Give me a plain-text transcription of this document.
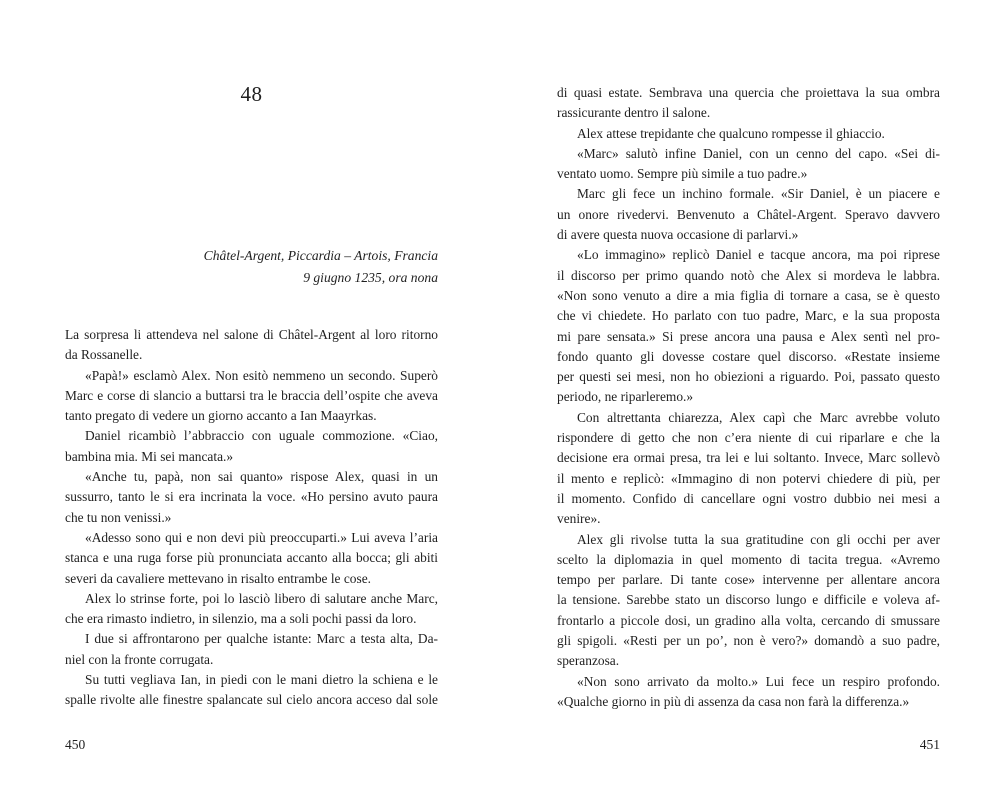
48
Châtel-Argent, Piccardia – Artois, Francia
9 giugno 1235, ora nona
La sorpresa li attendeva nel salone di Châtel-Argent al loro ritorno
da Rossanelle.
«Papà!» esclamò Alex. Non esitò nemmeno un secondo. Superò
Marc e corse di slancio a buttarsi tra le braccia dell’ospite che aveva
tanto pregato di vedere un giorno accanto a Ian Maayrkas.
Daniel ricambiò l’abbraccio con uguale commozione. «Ciao,
bambina mia. Mi sei mancata.»
«Anche tu, papà, non sai quanto» rispose Alex, quasi in un
sussurro, tanto le si era incrinata la voce. «Ho persino avuto paura
che tu non venissi.»
«Adesso sono qui e non devi più preoccuparti.» Lui aveva l’aria
stanca e una ruga forse più pronunciata accanto alla bocca; gli abiti
severi da cavaliere mettevano in risalto entrambe le cose.
Alex lo strinse forte, poi lo lasciò libero di salutare anche Marc,
che era rimasto indietro, in silenzio, ma a soli pochi passi da loro.
I due si affrontarono per qualche istante: Marc a testa alta, Da-
niel con la fronte corrugata.
Su tutti vegliava Ian, in piedi con le mani dietro la schiena e le
spalle rivolte alle finestre spalancate sul cielo ancora acceso dal sole
450
di quasi estate. Sembrava una quercia che proiettava la sua ombra
rassicurante dentro il salone.
Alex attese trepidante che qualcuno rompesse il ghiaccio.
«Marc» salutò infine Daniel, con un cenno del capo. «Sei di-
ventato uomo. Sempre più simile a tuo padre.»
Marc gli fece un inchino formale. «Sir Daniel, è un piacere e
un onore rivedervi. Benvenuto a Châtel-Argent. Speravo davvero
di avere questa nuova occasione di parlarvi.»
«Lo immagino» replicò Daniel e tacque ancora, ma poi riprese
il discorso per primo quando notò che Alex si mordeva le labbra.
«Non sono venuto a dire a mia figlia di tornare a casa, se è questo
che vi chiedete. Ho parlato con tuo padre, Marc, e la sua proposta
mi pare sensata.» Si prese ancora una pausa e Alex sentì nel pro-
fondo quanto gli dovesse costare quel discorso. «Restate insieme
per questi sei mesi, non ho obiezioni a riguardo. Poi, passato questo
periodo, ne riparleremo.»
Con altrettanta chiarezza, Alex capì che Marc avrebbe voluto
rispondere di getto che non c’era niente di cui riparlare e che la
decisione era ormai presa, tra lei e lui soltanto. Invece, Marc sollevò
il mento e replicò: «Immagino di non potervi chiedere di più, per
il momento. Confido di cancellare ogni vostro dubbio nei mesi a
venire».
Alex gli rivolse tutta la sua gratitudine con gli occhi per aver
scelto la diplomazia in quel momento di tacita tregua. «Avremo
tempo per parlare. Di tante cose» intervenne per allentare ancora
la tensione. Sarebbe stato un discorso lungo e difficile e voleva af-
frontarlo a piccole dosi, un gradino alla volta, cercando di smussare
gli spigoli. «Resti per un po’, non è vero?» domandò a suo padre,
speranzosa.
«Non sono arrivato da molto.» Lui fece un respiro profondo.
«Qualche giorno in più di assenza da casa non farà la differenza.»
451
